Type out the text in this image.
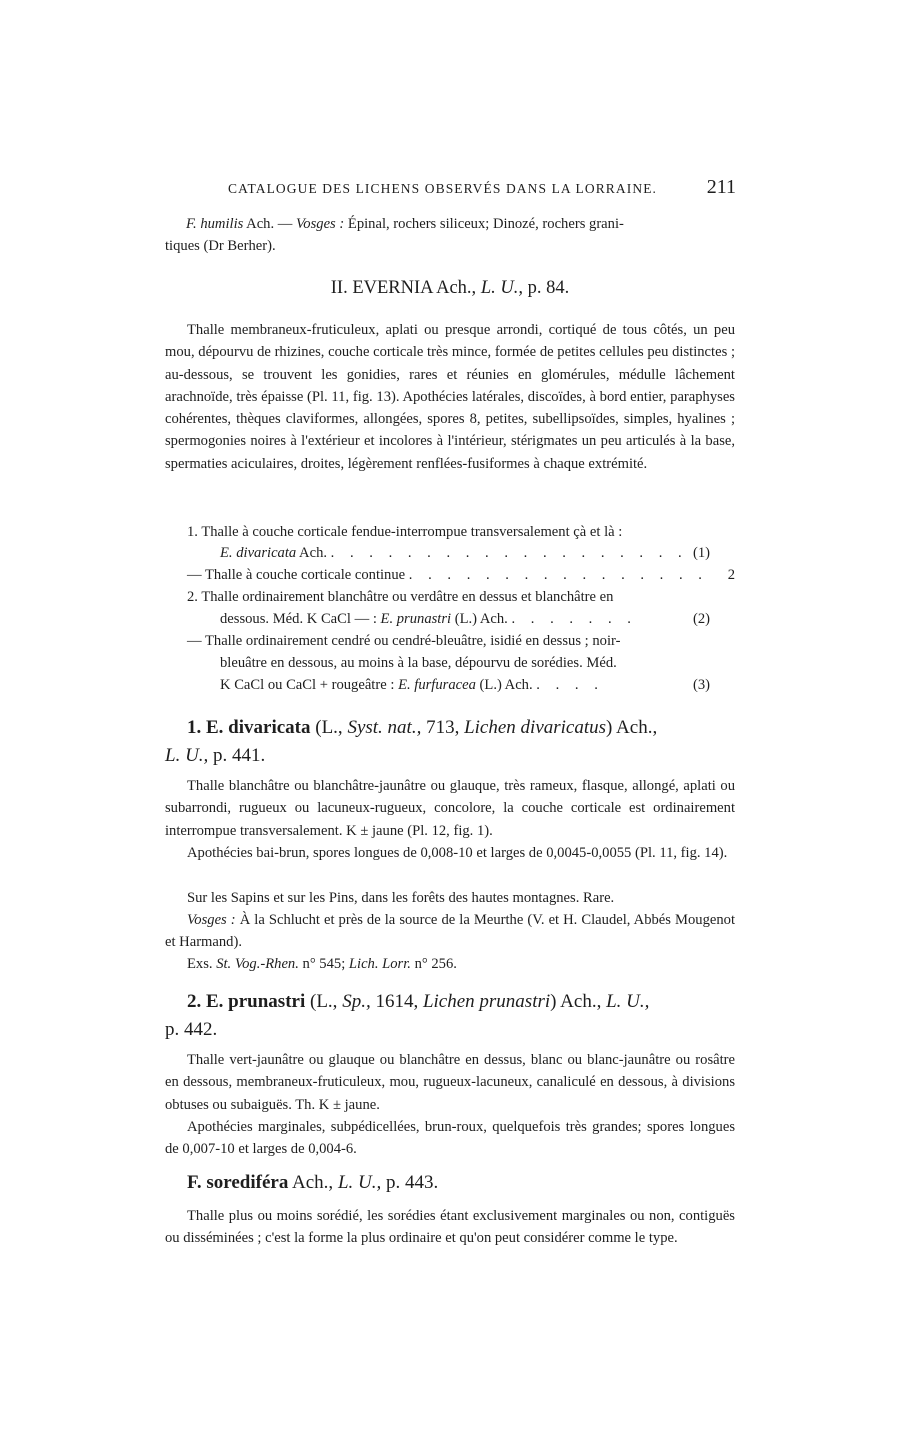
CATALOGUE DES LICHENS OBSERVÉS DANS LA LORRAINE. 211
F. humilis Ach. — Vosges : Épinal, rochers siliceux; Dinozé, rochers grani-
tiques (Dr Berher).
II. EVERNIA Ach., L. U., p. 84.
Thalle membraneux-fruticuleux, aplati ou presque arrondi, cortiqué de tous côtés, un peu mou, dépourvu de rhizines, couche corticale très mince, formée de petites cellules peu distinctes ; au-dessous, se trouvent les gonidies, rares et réunies en glomérules, médulle lâchement arachnoïde, très épaisse (Pl. 11, fig. 13). Apothécies latérales, discoïdes, à bord entier, paraphyses cohérentes, thèques claviformes, allongées, spores 8, petites, subellipsoïdes, simples, hyalines ; spermogonies noires à l'extérieur et incolores à l'intérieur, stérigmates un peu articulés à la base, spermaties aciculaires, droites, légèrement renflées-fusiformes à chaque extrémité.
1. Thalle à couche corticale fendue-interrompue transversalement çà et là :
E. divaricata Ach. . . . . . . . . . . . . . . . . . . . (1)
— Thalle à couche corticale continue . . . . . . . . . . . . . . . . 2
2. Thalle ordinairement blanchâtre ou verdâtre en dessus et blanchâtre en
dessous. Méd. K CaCl — : E. prunastri (L.) Ach. . . . . . . .	(2)
— Thalle ordinairement cendré ou cendré-bleuâtre, isidié en dessus ; noir-
bleuâtre en dessous, au moins à la base, dépourvu de sorédies. Méd.
K CaCl ou CaCl + rougeâtre : E. furfuracea (L.) Ach. . . . .	(3)
1. E. divaricata (L., Syst. nat., 713, Lichen divaricatus) Ach.,
L. U., p. 441.
Thalle blanchâtre ou blanchâtre-jaunâtre ou glauque, très rameux, flasque, allongé, aplati ou subarrondi, rugueux ou lacuneux-rugueux, concolore, la couche corticale est ordinairement interrompue transversalement. K ± jaune (Pl. 12, fig. 1).
Apothécies bai-brun, spores longues de 0,008-10 et larges de 0,0045-0,0055 (Pl. 11, fig. 14).
Sur les Sapins et sur les Pins, dans les forêts des hautes montagnes. Rare.
Vosges : À la Schlucht et près de la source de la Meurthe (V. et H. Claudel, Abbés Mougenot et Harmand).
Exs. St. Vog.-Rhen. n° 545; Lich. Lorr. n° 256.
2. E. prunastri (L., Sp., 1614, Lichen prunastri) Ach., L. U.,
p. 442.
Thalle vert-jaunâtre ou glauque ou blanchâtre en dessus, blanc ou blanc-jaunâtre ou rosâtre en dessous, membraneux-fruticuleux, mou, rugueux-lacuneux, canaliculé en dessous, à divisions obtuses ou subaiguës. Th. K ± jaune.
Apothécies marginales, subpédicellées, brun-roux, quelquefois très grandes; spores longues de 0,007-10 et larges de 0,004-6.
F. sorediféra Ach., L. U., p. 443.
Thalle plus ou moins sorédié, les sorédies étant exclusivement marginales ou non, contiguës ou disséminées ; c'est la forme la plus ordinaire et qu'on peut considérer comme le type.
